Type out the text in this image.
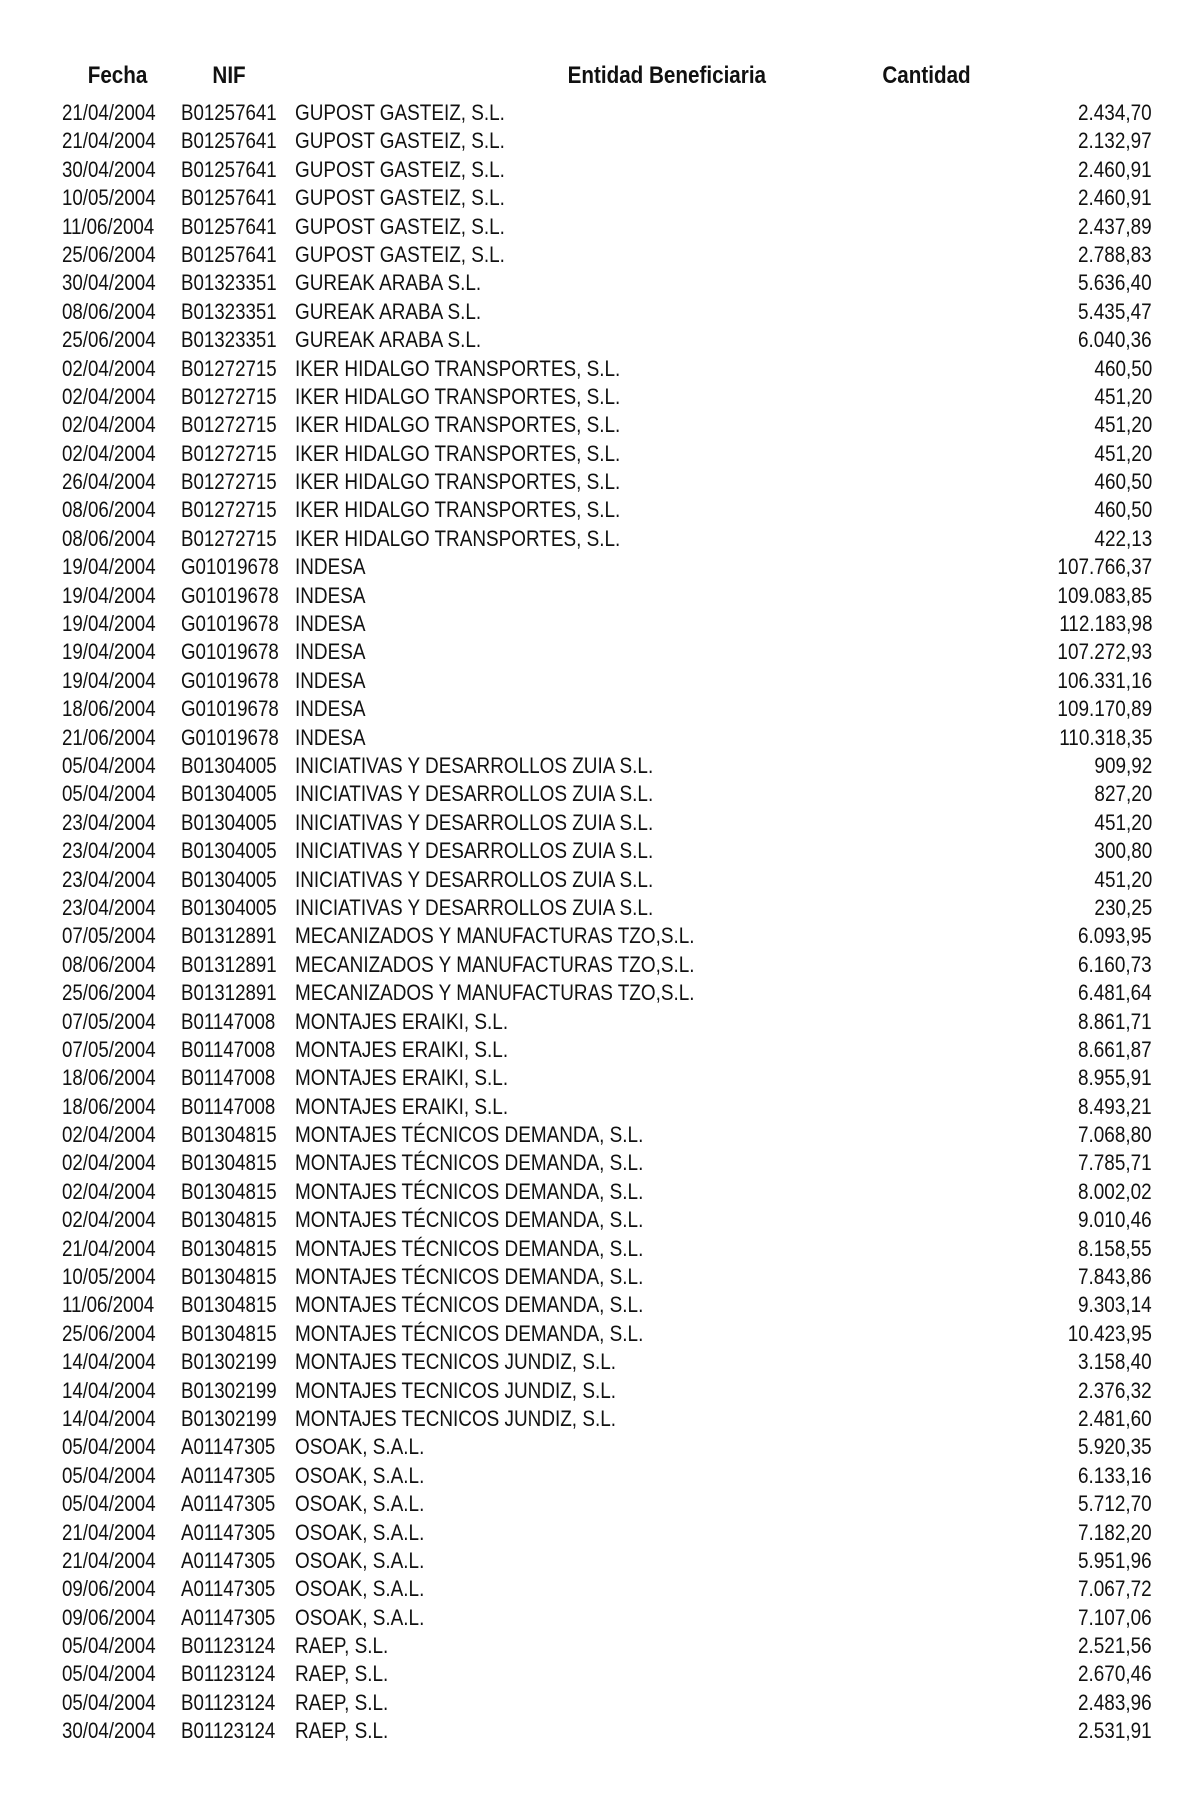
Fecha	NIF	Entidad Beneficiaria	Cantidad
21/04/2004	B01257641 GUPOST GASTEIZ, S.L.	2.434,70
21/04/2004	B01257641 GUPOST GASTEIZ, S.L.	2.132,97
30/04/2004	B01257641 GUPOST GASTEIZ, S.L.	2.460,91
10/05/2004	B01257641 GUPOST GASTEIZ, S.L.	2.460,91
11/06/2004	B01257641 GUPOST GASTEIZ, S.L.	2.437,89
25/06/2004	B01257641 GUPOST GASTEIZ, S.L.	2.788,83
30/04/2004	B01323351 GUREAK ARABA S.L.	5.636,40
08/06/2004	B01323351 GUREAK ARABA S.L.	5.435,47
25/06/2004	B01323351 GUREAK ARABA S.L.	6.040,36
02/04/2004	B01272715 IKER HIDALGO TRANSPORTES, S.L.	460,50
02/04/2004	B01272715 IKER HIDALGO TRANSPORTES, S.L.	451,20
02/04/2004	B01272715 IKER HIDALGO TRANSPORTES, S.L.	451,20
02/04/2004	B01272715 IKER HIDALGO TRANSPORTES, S.L.	451,20
26/04/2004	B01272715 IKER HIDALGO TRANSPORTES, S.L.	460,50
08/06/2004	B01272715 IKER HIDALGO TRANSPORTES, S.L.	460,50
08/06/2004	B01272715 IKER HIDALGO TRANSPORTES, S.L.	422,13
19/04/2004	G01019678 INDESA	107.766,37
19/04/2004	G01019678 INDESA	109.083,85
19/04/2004	G01019678 INDESA	112.183,98
19/04/2004	G01019678 INDESA	107.272,93
19/04/2004	G01019678 INDESA	106.331,16
18/06/2004	G01019678 INDESA	109.170,89
21/06/2004	G01019678 INDESA	110.318,35
05/04/2004	B01304005 INICIATIVAS Y DESARROLLOS ZUIA S.L.	909,92
05/04/2004	B01304005 INICIATIVAS Y DESARROLLOS ZUIA S.L.	827,20
23/04/2004	B01304005 INICIATIVAS Y DESARROLLOS ZUIA S.L.	451,20
23/04/2004	B01304005 INICIATIVAS Y DESARROLLOS ZUIA S.L.	300,80
23/04/2004	B01304005 INICIATIVAS Y DESARROLLOS ZUIA S.L.	451,20
23/04/2004	B01304005 INICIATIVAS Y DESARROLLOS ZUIA S.L.	230,25
07/05/2004	B01312891 MECANIZADOS Y MANUFACTURAS TZO,S.L.	6.093,95
08/06/2004	B01312891 MECANIZADOS Y MANUFACTURAS TZO,S.L.	6.160,73
25/06/2004	B01312891 MECANIZADOS Y MANUFACTURAS TZO,S.L.	6.481,64
07/05/2004	B01147008 MONTAJES ERAIKI, S.L.	8.861,71
07/05/2004	B01147008 MONTAJES ERAIKI, S.L.	8.661,87
18/06/2004	B01147008 MONTAJES ERAIKI, S.L.	8.955,91
18/06/2004	B01147008 MONTAJES ERAIKI, S.L.	8.493,21
02/04/2004	B01304815 MONTAJES TÉCNICOS DEMANDA, S.L.	7.068,80
02/04/2004	B01304815 MONTAJES TÉCNICOS DEMANDA, S.L.	7.785,71
02/04/2004	B01304815 MONTAJES TÉCNICOS DEMANDA, S.L.	8.002,02
02/04/2004	B01304815 MONTAJES TÉCNICOS DEMANDA, S.L.	9.010,46
21/04/2004	B01304815 MONTAJES TÉCNICOS DEMANDA, S.L.	8.158,55
10/05/2004	B01304815 MONTAJES TÉCNICOS DEMANDA, S.L.	7.843,86
11/06/2004	B01304815 MONTAJES TÉCNICOS DEMANDA, S.L.	9.303,14
25/06/2004	B01304815 MONTAJES TÉCNICOS DEMANDA, S.L.	10.423,95
14/04/2004	B01302199 MONTAJES TECNICOS JUNDIZ, S.L.	3.158,40
14/04/2004	B01302199 MONTAJES TECNICOS JUNDIZ, S.L.	2.376,32
14/04/2004	B01302199 MONTAJES TECNICOS JUNDIZ, S.L.	2.481,60
05/04/2004	A01147305 OSOAK, S.A.L.	5.920,35
05/04/2004	A01147305 OSOAK, S.A.L.	6.133,16
05/04/2004	A01147305 OSOAK, S.A.L.	5.712,70
21/04/2004	A01147305 OSOAK, S.A.L.	7.182,20
21/04/2004	A01147305 OSOAK, S.A.L.	5.951,96
09/06/2004	A01147305 OSOAK, S.A.L.	7.067,72
09/06/2004	A01147305 OSOAK, S.A.L.	7.107,06
05/04/2004	B01123124 RAEP, S.L.	2.521,56
05/04/2004	B01123124 RAEP, S.L.	2.670,46
05/04/2004	B01123124 RAEP, S.L.	2.483,96
30/04/2004	B01123124 RAEP, S.L.	2.531,91
